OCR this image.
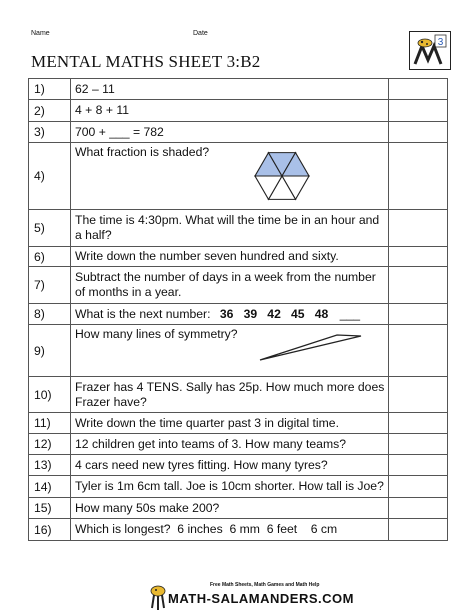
Name	Date
MENTAL MATHS SHEET 3:B2
3
1)	62 – 11	
2)	4 + 8 + 11	
3)	700 + ___ = 782	
4)	What fraction is shaded?	

5)	The time is 4:30pm. What will the time be in an hour and a half?	
6)	Write down the number seven hundred and sixty.	
7)	Subtract the number of days in a week from the number of months in a year.	
8)	What is the next number: 36   39   42   45   48 ___	
9)	How many lines of symmetry?	

10)	Frazer has 4 TENS. Sally has 25p. How much more does Frazer have?	
11)	Write down the time quarter past 3 in digital time.	
12)	12 children get into teams of 3. How many teams?	
13)	4 cars need new tyres fitting. How many tyres?	
14)	Tyler is 1m 6cm tall. Joe is 10cm shorter. How tall is Joe?	
15)	How many 50s make 200?	
16)	Which is longest?  6 inches  6 mm  6 feet    6 cm	
Free Math Sheets, Math Games and Math Help
MATH-SALAMANDERS.COM
